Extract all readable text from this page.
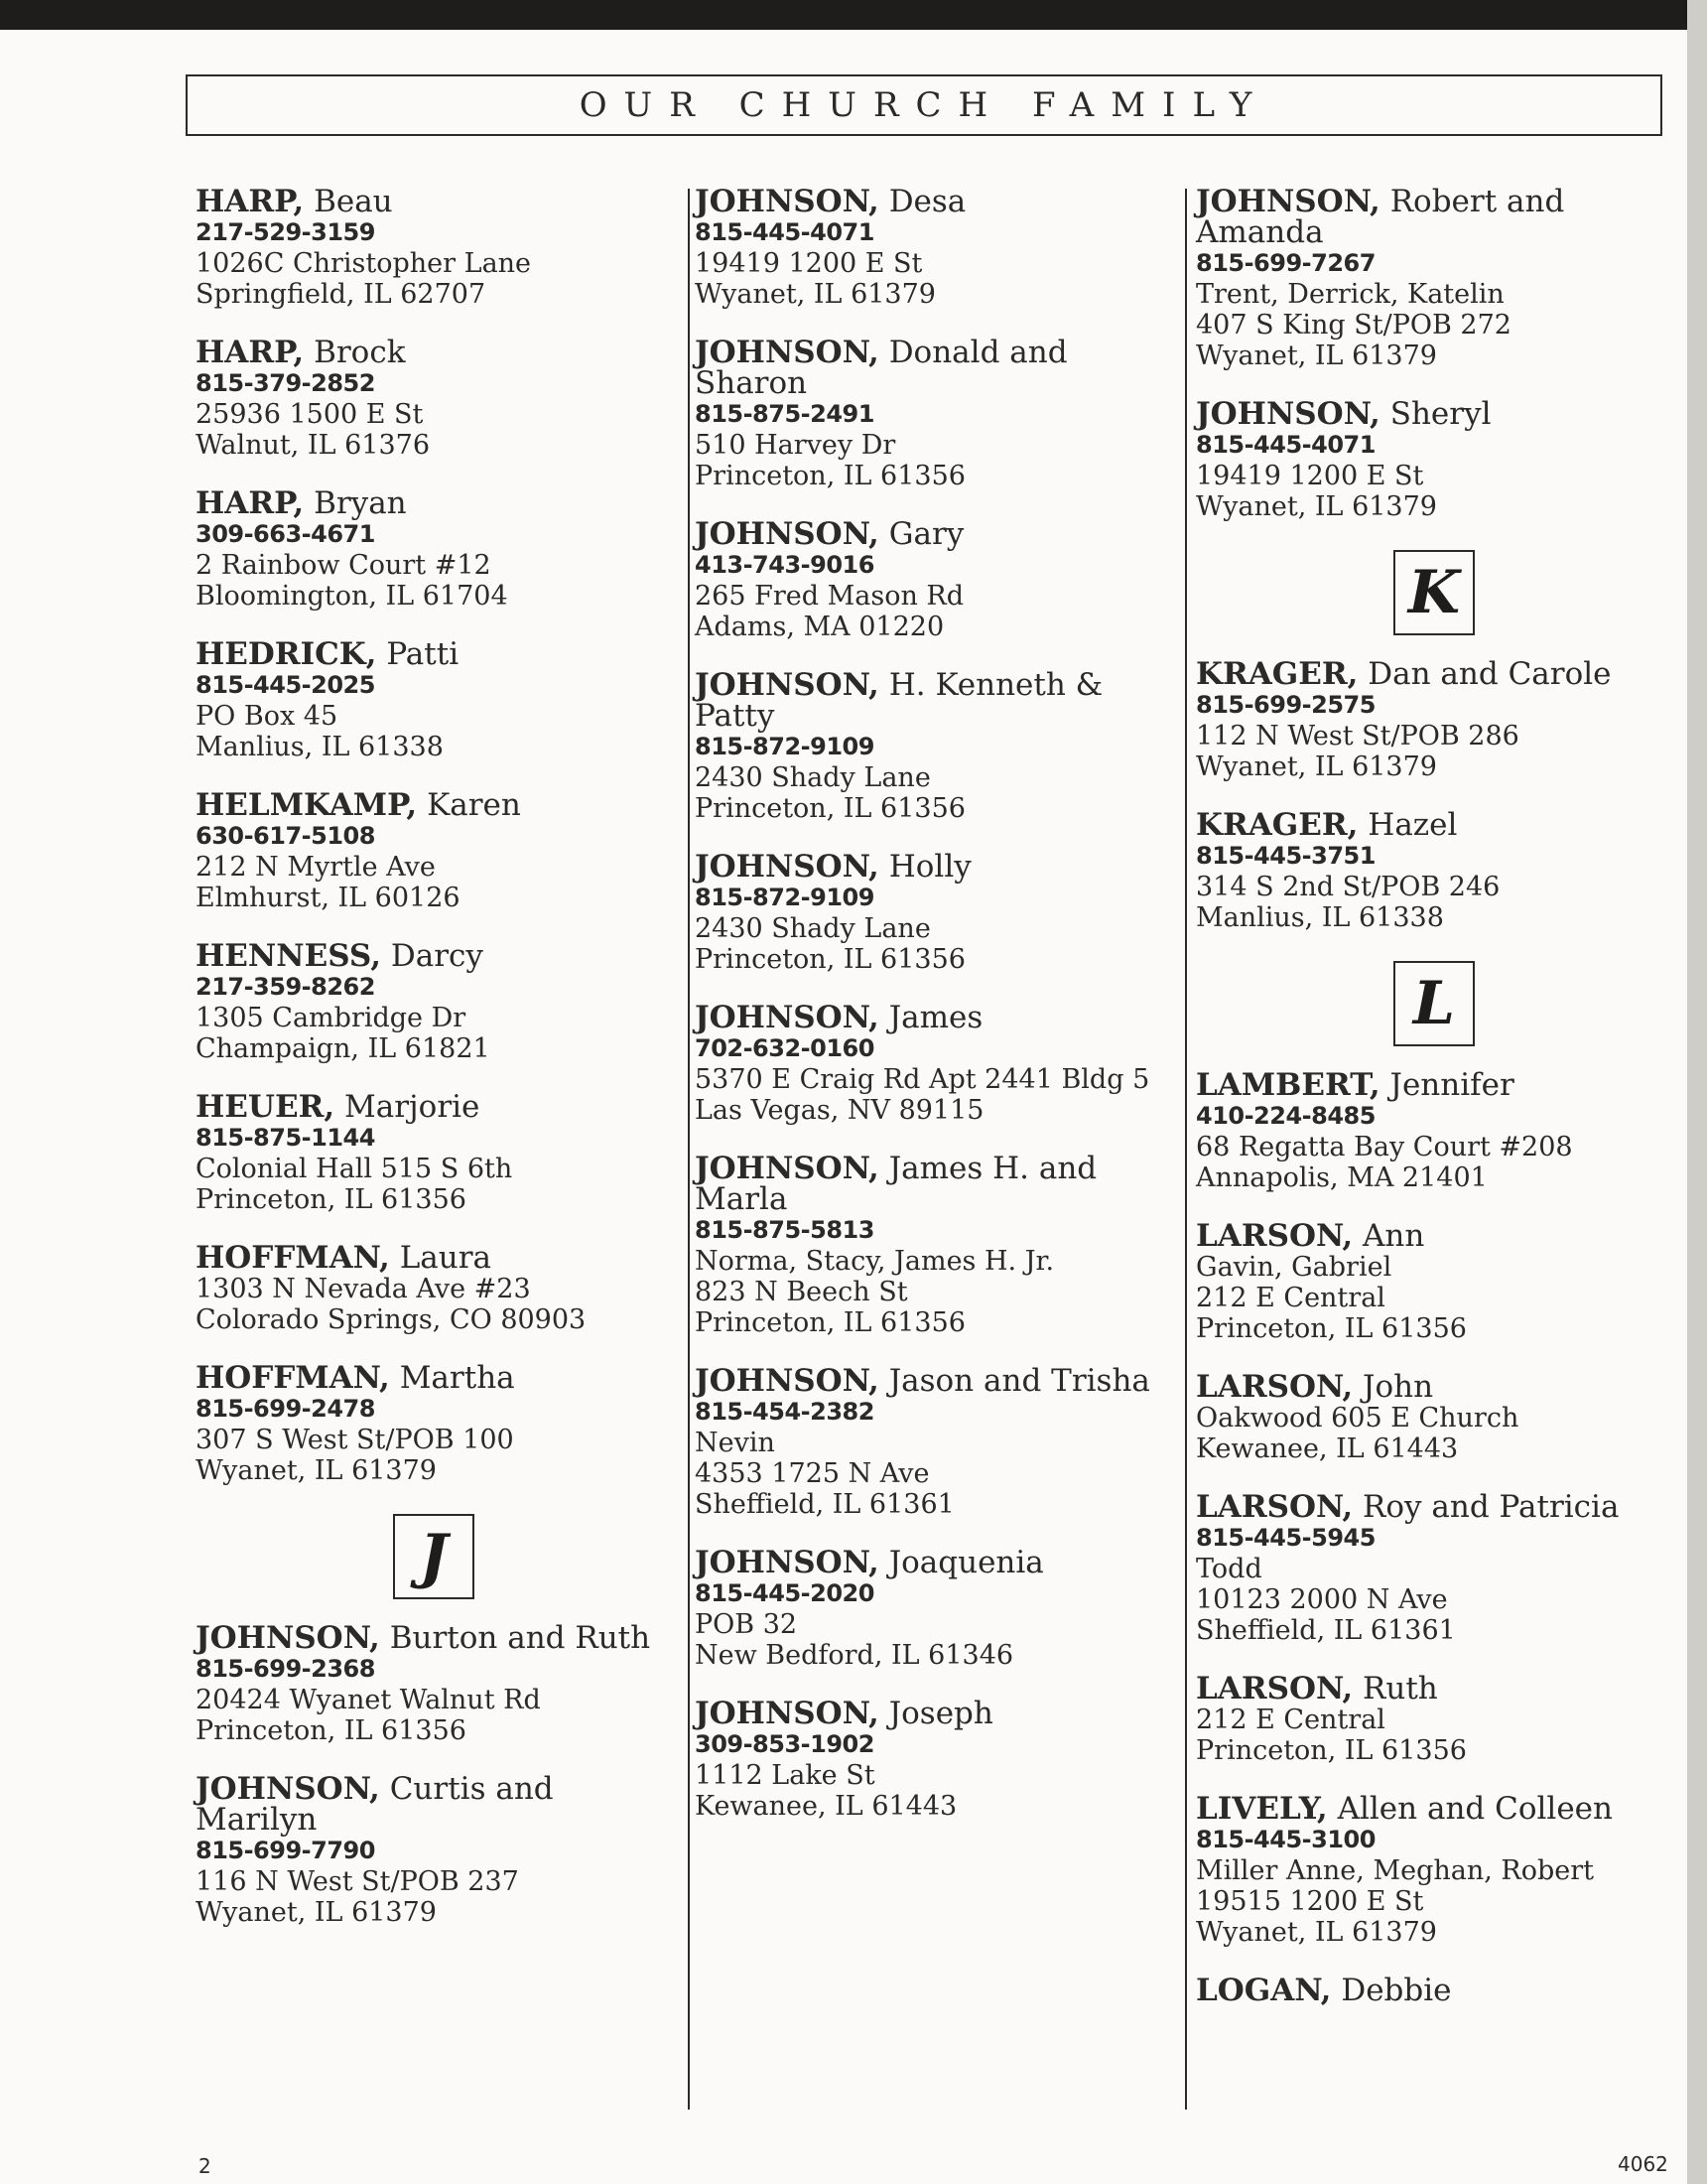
OUR CHURCH FAMILY
HARP, Beau
217-529-3159
1026C Christopher Lane
Springfield, IL 62707
HARP, Brock
815-379-2852
25936 1500 E St
Walnut, IL 61376
HARP, Bryan
309-663-4671
2 Rainbow Court #12
Bloomington, IL 61704
HEDRICK, Patti
815-445-2025
PO Box 45
Manlius, IL 61338
HELMKAMP, Karen
630-617-5108
212 N Myrtle Ave
Elmhurst, IL 60126
HENNESS, Darcy
217-359-8262
1305 Cambridge Dr
Champaign, IL 61821
HEUER, Marjorie
815-875-1144
Colonial Hall 515 S 6th
Princeton, IL 61356
HOFFMAN, Laura
1303 N Nevada Ave #23
Colorado Springs, CO 80903
HOFFMAN, Martha
815-699-2478
307 S West St/POB 100
Wyanet, IL 61379
J
JOHNSON, Burton and Ruth
815-699-2368
20424 Wyanet Walnut Rd
Princeton, IL 61356
JOHNSON, Curtis and Marilyn
815-699-7790
116 N West St/POB 237
Wyanet, IL 61379
JOHNSON, Desa
815-445-4071
19419 1200 E St
Wyanet, IL 61379
JOHNSON, Donald and Sharon
815-875-2491
510 Harvey Dr
Princeton, IL 61356
JOHNSON, Gary
413-743-9016
265 Fred Mason Rd
Adams, MA 01220
JOHNSON, H. Kenneth & Patty
815-872-9109
2430 Shady Lane
Princeton, IL 61356
JOHNSON, Holly
815-872-9109
2430 Shady Lane
Princeton, IL 61356
JOHNSON, James
702-632-0160
5370 E Craig Rd Apt 2441 Bldg 5
Las Vegas, NV 89115
JOHNSON, James H. and Marla
815-875-5813
Norma, Stacy, James H. Jr.
823 N Beech St
Princeton, IL 61356
JOHNSON, Jason and Trisha
815-454-2382
Nevin
4353 1725 N Ave
Sheffield, IL 61361
JOHNSON, Joaquenia
815-445-2020
POB 32
New Bedford, IL 61346
JOHNSON, Joseph
309-853-1902
1112 Lake St
Kewanee, IL 61443
JOHNSON, Robert and Amanda
815-699-7267
Trent, Derrick, Katelin
407 S King St/POB 272
Wyanet, IL 61379
JOHNSON, Sheryl
815-445-4071
19419 1200 E St
Wyanet, IL 61379
K
KRAGER, Dan and Carole
815-699-2575
112 N West St/POB 286
Wyanet, IL 61379
KRAGER, Hazel
815-445-3751
314 S 2nd St/POB 246
Manlius, IL 61338
L
LAMBERT, Jennifer
410-224-8485
68 Regatta Bay Court #208
Annapolis, MA 21401
LARSON, Ann
Gavin, Gabriel
212 E Central
Princeton, IL 61356
LARSON, John
Oakwood 605 E Church
Kewanee, IL 61443
LARSON, Roy and Patricia
815-445-5945
Todd
10123 2000 N Ave
Sheffield, IL 61361
LARSON, Ruth
212 E Central
Princeton, IL 61356
LIVELY, Allen and Colleen
815-445-3100
Miller Anne, Meghan, Robert
19515 1200 E St
Wyanet, IL 61379
LOGAN, Debbie
2	4062
